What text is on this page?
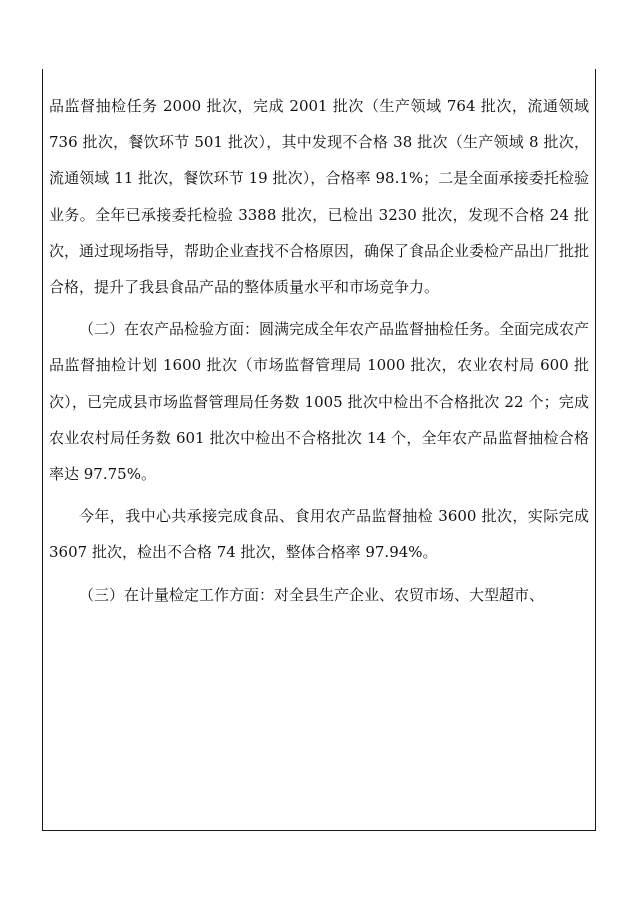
品监督抽检任务 2000 批次，完成 2001 批次（生产领域 764 批次，流通领域 736 批次，餐饮环节 501 批次），其中发现不合格 38 批次（生产领域 8 批次，流通领域 11 批次，餐饮环节 19 批次），合格率 98.1%；二是全面承接委托检验业务。全年已承接委托检验 3388 批次，已检出 3230 批次，发现不合格 24 批次，通过现场指导，帮助企业查找不合格原因，确保了食品企业委检产品出厂批批合格，提升了我县食品产品的整体质量水平和市场竞争力。

（二）在农产品检验方面：圆满完成全年农产品监督抽检任务。全面完成农产品监督抽检计划 1600 批次（市场监督管理局 1000 批次，农业农村局 600 批次），已完成县市场监督管理局任务数 1005 批次中检出不合格批次 22 个；完成农业农村局任务数 601 批次中检出不合格批次 14 个，全年农产品监督抽检合格率达 97.75%。

今年，我中心共承接完成食品、食用农产品监督抽检 3600 批次，实际完成 3607 批次，检出不合格 74 批次，整体合格率 97.94%。

（三）在计量检定工作方面：对全县生产企业、农贸市场、大型超市、
